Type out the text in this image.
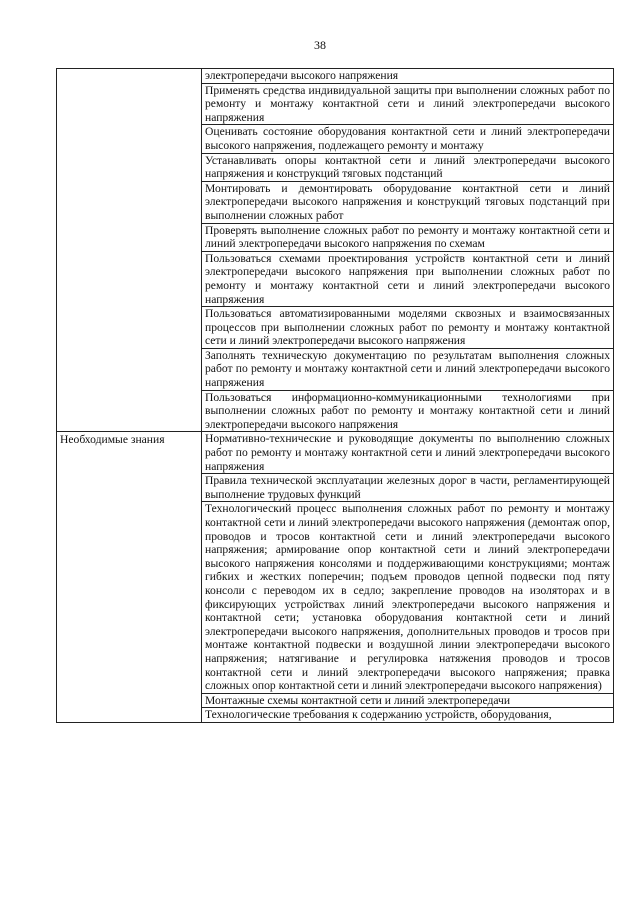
38
	электропередачи высокого напряжения
	Применять средства индивидуальной защиты при выполнении сложных работ по ремонту и монтажу контактной сети и линий электропередачи высокого напряжения
	Оценивать состояние оборудования контактной сети и линий электропередачи высокого напряжения, подлежащего ремонту и монтажу
	Устанавливать опоры контактной сети и линий электропередачи высокого напряжения и конструкций тяговых подстанций
	Монтировать и демонтировать оборудование контактной сети и линий электропередачи высокого напряжения и конструкций тяговых подстанций при выполнении сложных работ
	Проверять выполнение сложных работ по ремонту и монтажу контактной сети и линий электропередачи высокого напряжения по схемам
	Пользоваться схемами проектирования устройств контактной сети и линий электропередачи высокого напряжения при выполнении сложных работ по ремонту и монтажу контактной сети и линий электропередачи высокого напряжения
	Пользоваться автоматизированными моделями сквозных и взаимосвязанных процессов при выполнении сложных работ по ремонту и монтажу контактной сети и линий электропередачи высокого напряжения
	Заполнять техническую документацию по результатам выполнения сложных работ по ремонту и монтажу контактной сети и линий электропередачи высокого напряжения
	Пользоваться информационно-коммуникационными технологиями при выполнении сложных работ по ремонту и монтажу контактной сети и линий электропередачи высокого напряжения

Необходимые знания	Нормативно-технические и руководящие документы по выполнению сложных работ по ремонту и монтажу контактной сети и линий электропередачи высокого напряжения
	Правила технической эксплуатации железных дорог в части, регламентирующей выполнение трудовых функций
	Технологический процесс выполнения сложных работ по ремонту и монтажу контактной сети и линий электропередачи высокого напряжения (демонтаж опор, проводов и тросов контактной сети и линий электропередачи высокого напряжения; армирование опор контактной сети и линий электропередачи высокого напряжения консолями и поддерживающими конструкциями; монтаж гибких и жестких поперечин; подъем проводов цепной подвески под пяту консоли с переводом их в седло; закрепление проводов на изоляторах и в фиксирующих устройствах линий электропередачи высокого напряжения и контактной сети; установка оборудования контактной сети и линий электропередачи высокого напряжения, дополнительных проводов и тросов при монтаже контактной подвески и воздушной линии электропередачи высокого напряжения; натягивание и регулировка натяжения проводов и тросов контактной сети и линий электропередачи высокого напряжения; правка сложных опор контактной сети и линий электропередачи высокого напряжения)
	Монтажные схемы контактной сети и линий электропередачи
	Технологические требования к содержанию устройств, оборудования,
